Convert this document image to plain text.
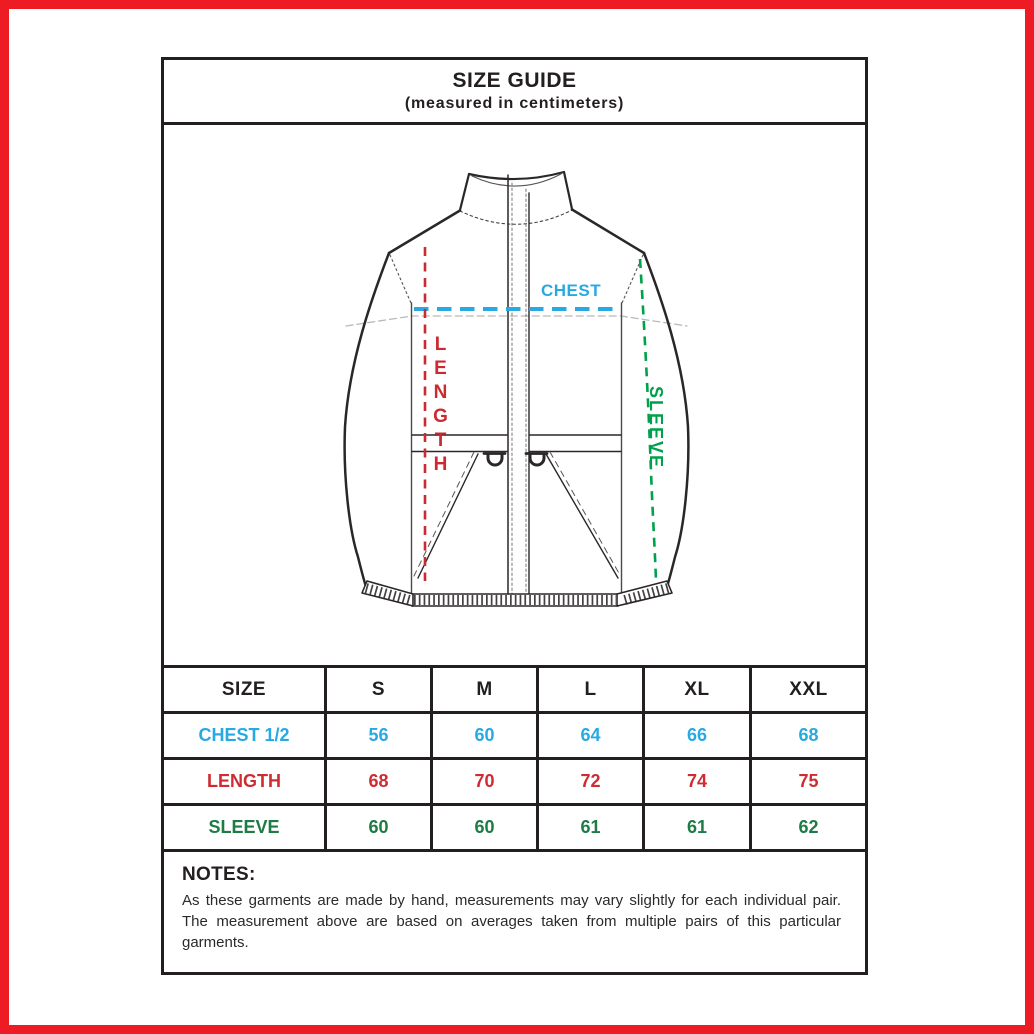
SIZE GUIDE
(measured in centimeters)
CHEST
LENGTH	SLEEVE
SIZE	S	M	L	XL	XXL
CHEST 1/2	56	60	64	66	68
LENGTH	68	70	72	74	75
SLEEVE	60	60	61	61	62
NOTES:
As these garments are made by hand, measurements may vary slightly for each individual pair. The measurement above are based on averages taken from multiple pairs of this particular garments.
